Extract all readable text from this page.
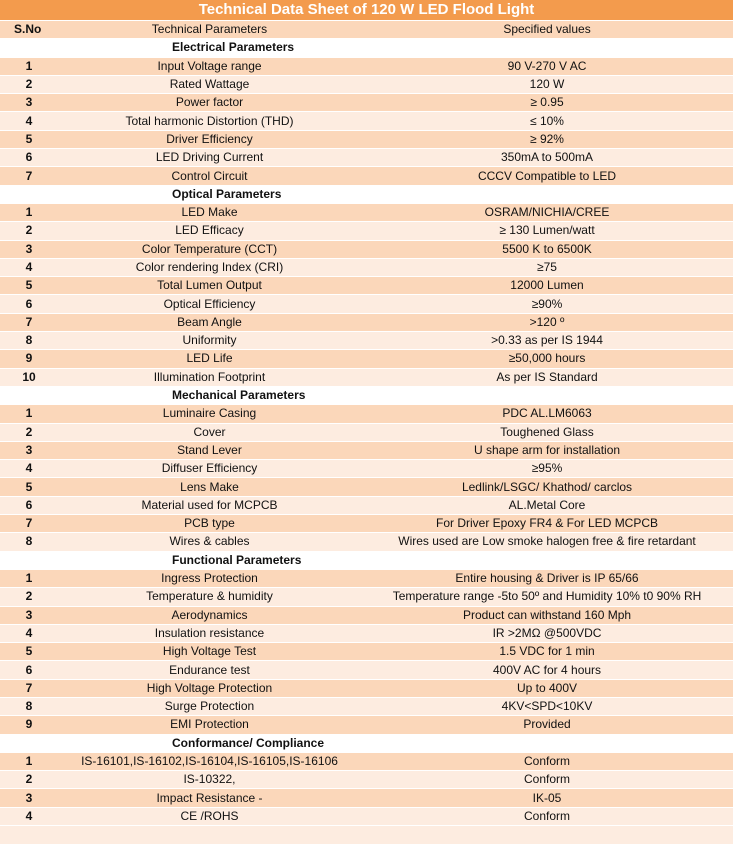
Technical Data Sheet of 120 W LED Flood Light		
S.No	Technical Parameters	Specified values
	Electrical Parameters	
1	Input Voltage range	90 V-270 V AC
2	Rated Wattage	120 W
3	Power factor	≥ 0.95
4	Total harmonic Distortion (THD)	≤ 10%
5	Driver Efficiency	≥ 92%
6	LED Driving Current	350mA to 500mA
7	Control Circuit	CCCV Compatible to LED
	Optical Parameters	
1	LED Make	OSRAM/NICHIA/CREE
2	LED Efficacy	≥ 130 Lumen/watt
3	Color Temperature (CCT)	5500 K to 6500K
4	Color rendering Index (CRI)	≥75
5	Total Lumen Output	12000 Lumen
6	Optical Efficiency	≥90%
7	Beam Angle	>120 º
8	Uniformity	>0.33 as per IS 1944
9	LED Life	≥50,000 hours
10	Illumination Footprint	As per IS Standard
	Mechanical Parameters	
1	Luminaire Casing	PDC AL.LM6063
2	Cover	Toughened Glass
3	Stand Lever	U shape arm for installation
4	Diffuser Efficiency	≥95%
5	Lens Make	Ledlink/LSGC/ Khathod/ carclos
6	Material used for MCPCB	AL.Metal Core
7	PCB type	For Driver Epoxy FR4 & For LED MCPCB
8	Wires & cables	Wires used are Low smoke halogen free & fire retardant
	Functional Parameters	
1	Ingress Protection	Entire housing & Driver is IP 65/66
2	Temperature & humidity	Temperature range -5to 50º and Humidity 10% t0 90% RH
3	Aerodynamics	Product can withstand 160 Mph
4	Insulation resistance	IR >2MΩ @500VDC
5	High Voltage Test	1.5 VDC for 1 min
6	Endurance test	400V AC for 4 hours
7	High Voltage Protection	Up to 400V
8	Surge Protection	4KV<SPD<10KV
9	EMI Protection	Provided
	Conformance/ Compliance	
1	IS-16101,IS-16102,IS-16104,IS-16105,IS-16106	Conform
2	IS-10322,	Conform
3	Impact Resistance -	IK-05
4	CE /ROHS	Conform
